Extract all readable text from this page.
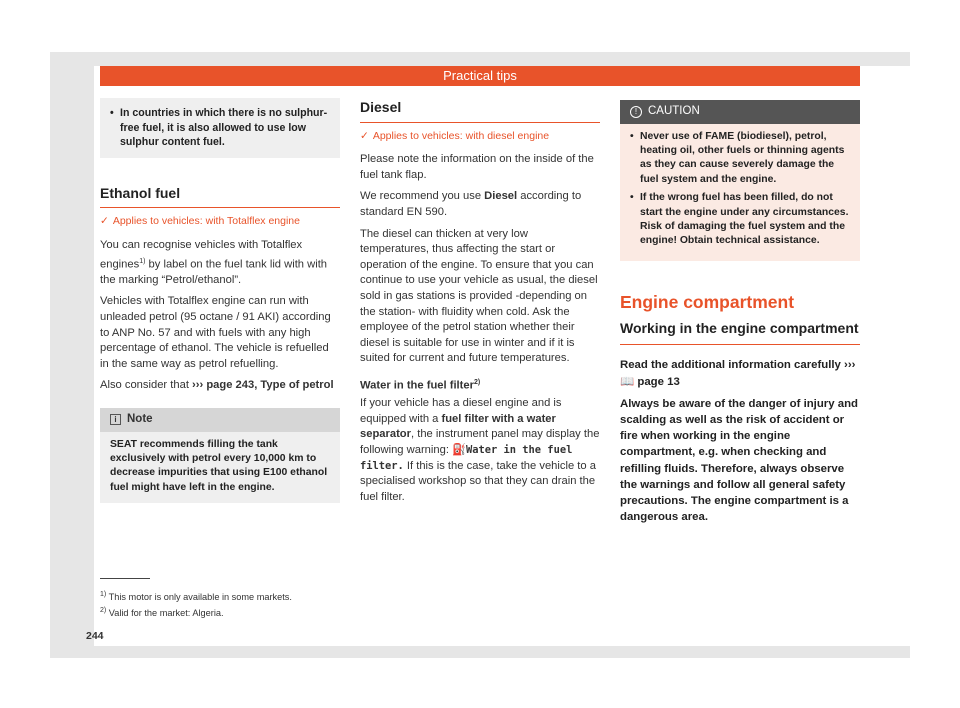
Practical tips
• In countries in which there is no sulphur-free fuel, it is also allowed to use low sulphur content fuel.
Ethanol fuel
✓ Applies to vehicles: with Totalflex engine

You can recognise vehicles with Totalflex engines$^{1)}$ by label on the fuel tank lid with with the marking “Petrol/ethanol”.

Vehicles with Totalflex engine can run with unleaded petrol (95 octane / 91 AKI) according to ANP No. 57 and with fuels with any high percentage of ethanol. The vehicle is refuelled in the same way as petrol refuelling.

Also consider that ››› page 243, Type of petrol

i Note
SEAT recommends filling the tank exclusively with petrol every 10,000 km to decrease impurities that using E100 ethanol fuel might have left in the engine.
Diesel
✓ Applies to vehicles: with diesel engine

Please note the information on the inside of the fuel tank flap.

We recommend you use Diesel according to standard EN 590.

The diesel can thicken at very low temperatures, thus affecting the start or operation of the engine. To ensure that you can continue to use your vehicle as usual, the diesel sold in gas stations is provided -depending on the station- with fluidity when cold. Ask the employee of the petrol station whether their diesel is suitable for use in winter and if it is suited for current and future temperatures.

Water in the fuel filter$^{2)}$

If your vehicle has a diesel engine and is equipped with a fuel filter with a water separator, the instrument panel may display the following warning: ⛽Water in the fuel filter. If this is the case, take the vehicle to a specialised workshop so that they can drain the fuel filter.

! CAUTION
• Never use of FAME (biodiesel), petrol, heating oil, other fuels or thinning agents as they can cause severely damage the fuel system and the engine.
• If the wrong fuel has been filled, do not start the engine under any circumstances. Risk of damaging the fuel system and the engine! Obtain technical assistance.
Engine compartment
Working in the engine compartment

Read the additional information carefully ››› 📖 page 13

Always be aware of the danger of injury and scalding as well as the risk of accident or fire when working in the engine compartment, e.g. when checking and refilling fluids. Therefore, always observe the warnings and follow all general safety precautions. The engine compartment is a dangerous area.

$^{1)}$ This motor is only available in some markets.
$^{2)}$ Valid for the market: Algeria.
244
